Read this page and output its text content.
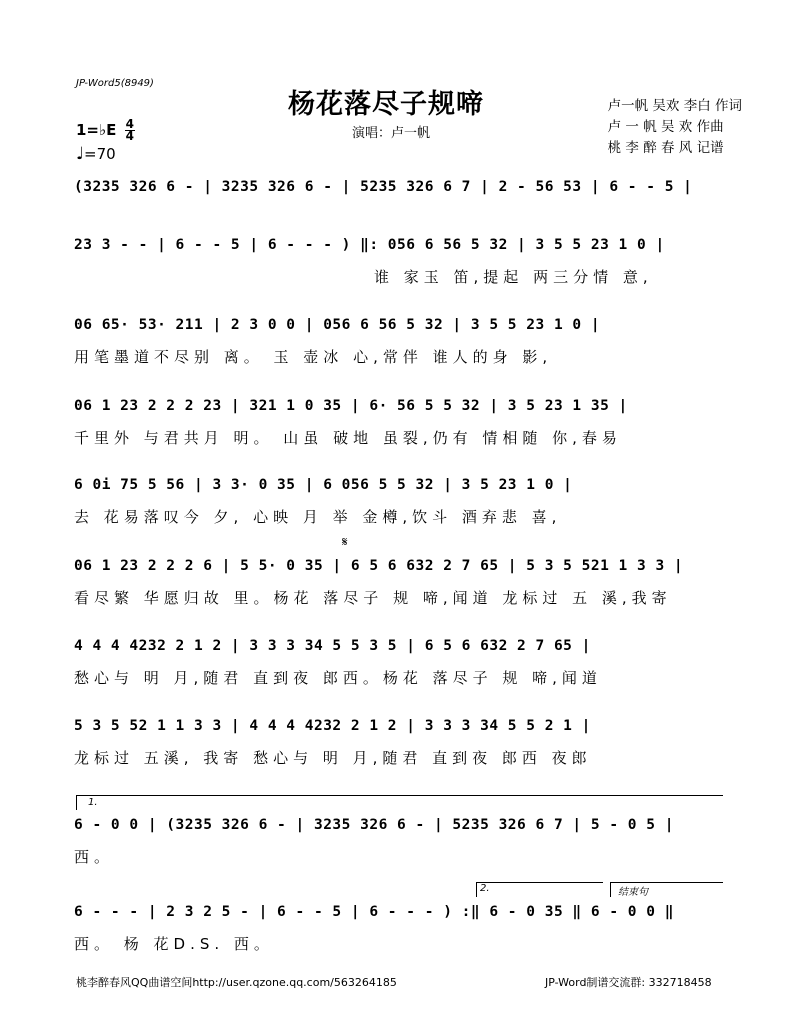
JP-Word5(8949)
杨花落尽子规啼
演唱：卢一帆
卢一帆 吴欢 李白 作词
卢 一 帆 吴 欢 作曲
桃 李 醉 春 风 记谱
1=♭E $\frac{4}{4}$
♩=70
(3235 326 6 - | 3235 326 6 - | 5235 326 6 7 | 2 - 56 53 | 6 - - 5 |
23 3 - - | 6 - - 5 | 6 - - - ) ‖: 056 6 56 5 32 | 3 5 5 23 1 0 |
谁 家玉 笛,提起 两三分情 意,
06 65· 53· 211 | 2 3 0 0 | 056 6 56 5 32 | 3 5 5 23 1 0 |
用笔墨道不尽别 离。 玉 壶冰 心,常伴 谁人的身 影,
06 1 23 2 2 2 23 | 321 1 0 35 | 6· 56 5 5 32 | 3 5 23 1 35 |
千里外 与君共月 明。 山虽 破地 虽裂,仍有 情相随 你,春易
6 0i 75 5 56 | 3 3· 0 35 | 6 056 5 5 32 | 3 5 23 1 0 |
去 花易落叹今 夕, 心映 月 举 金樽,饮斗 酒弃悲 喜,
𝄋
06 1 23 2 2 2 6 | 5 5· 0 35 | 6 5 6 632 2 7 65 | 5 3 5 521 1 3 3 |
看尽繁 华愿归故 里。杨花 落尽子 规 啼,闻道 龙标过 五 溪,我寄
4 4 4 4232 2 1 2 | 3 3 3 34 5 5 3 5 | 6 5 6 632 2 7 65 |
愁心与 明 月,随君 直到夜 郎西。杨花 落尽子 规 啼,闻道
5 3 5 52 1 1 3 3 | 4 4 4 4232 2 1 2 | 3 3 3 34 5 5 2 1 |
龙标过 五溪, 我寄 愁心与 明 月,随君 直到夜 郎西 夜郎
1.
6 - 0 0 | (3235 326 6 - | 3235 326 6 - | 5235 326 6 7 | 5 - 0 5 |
西。
2.	结束句
6 - - - | 2 3 2 5 - | 6 - - 5 | 6 - - - ) :‖ 6 - 0 35 ‖ 6 - 0 0 ‖
西。 杨 花D.S. 西。
桃李醉春风QQ曲谱空间http://user.qzone.qq.com/563264185	JP-Word制谱交流群: 332718458
